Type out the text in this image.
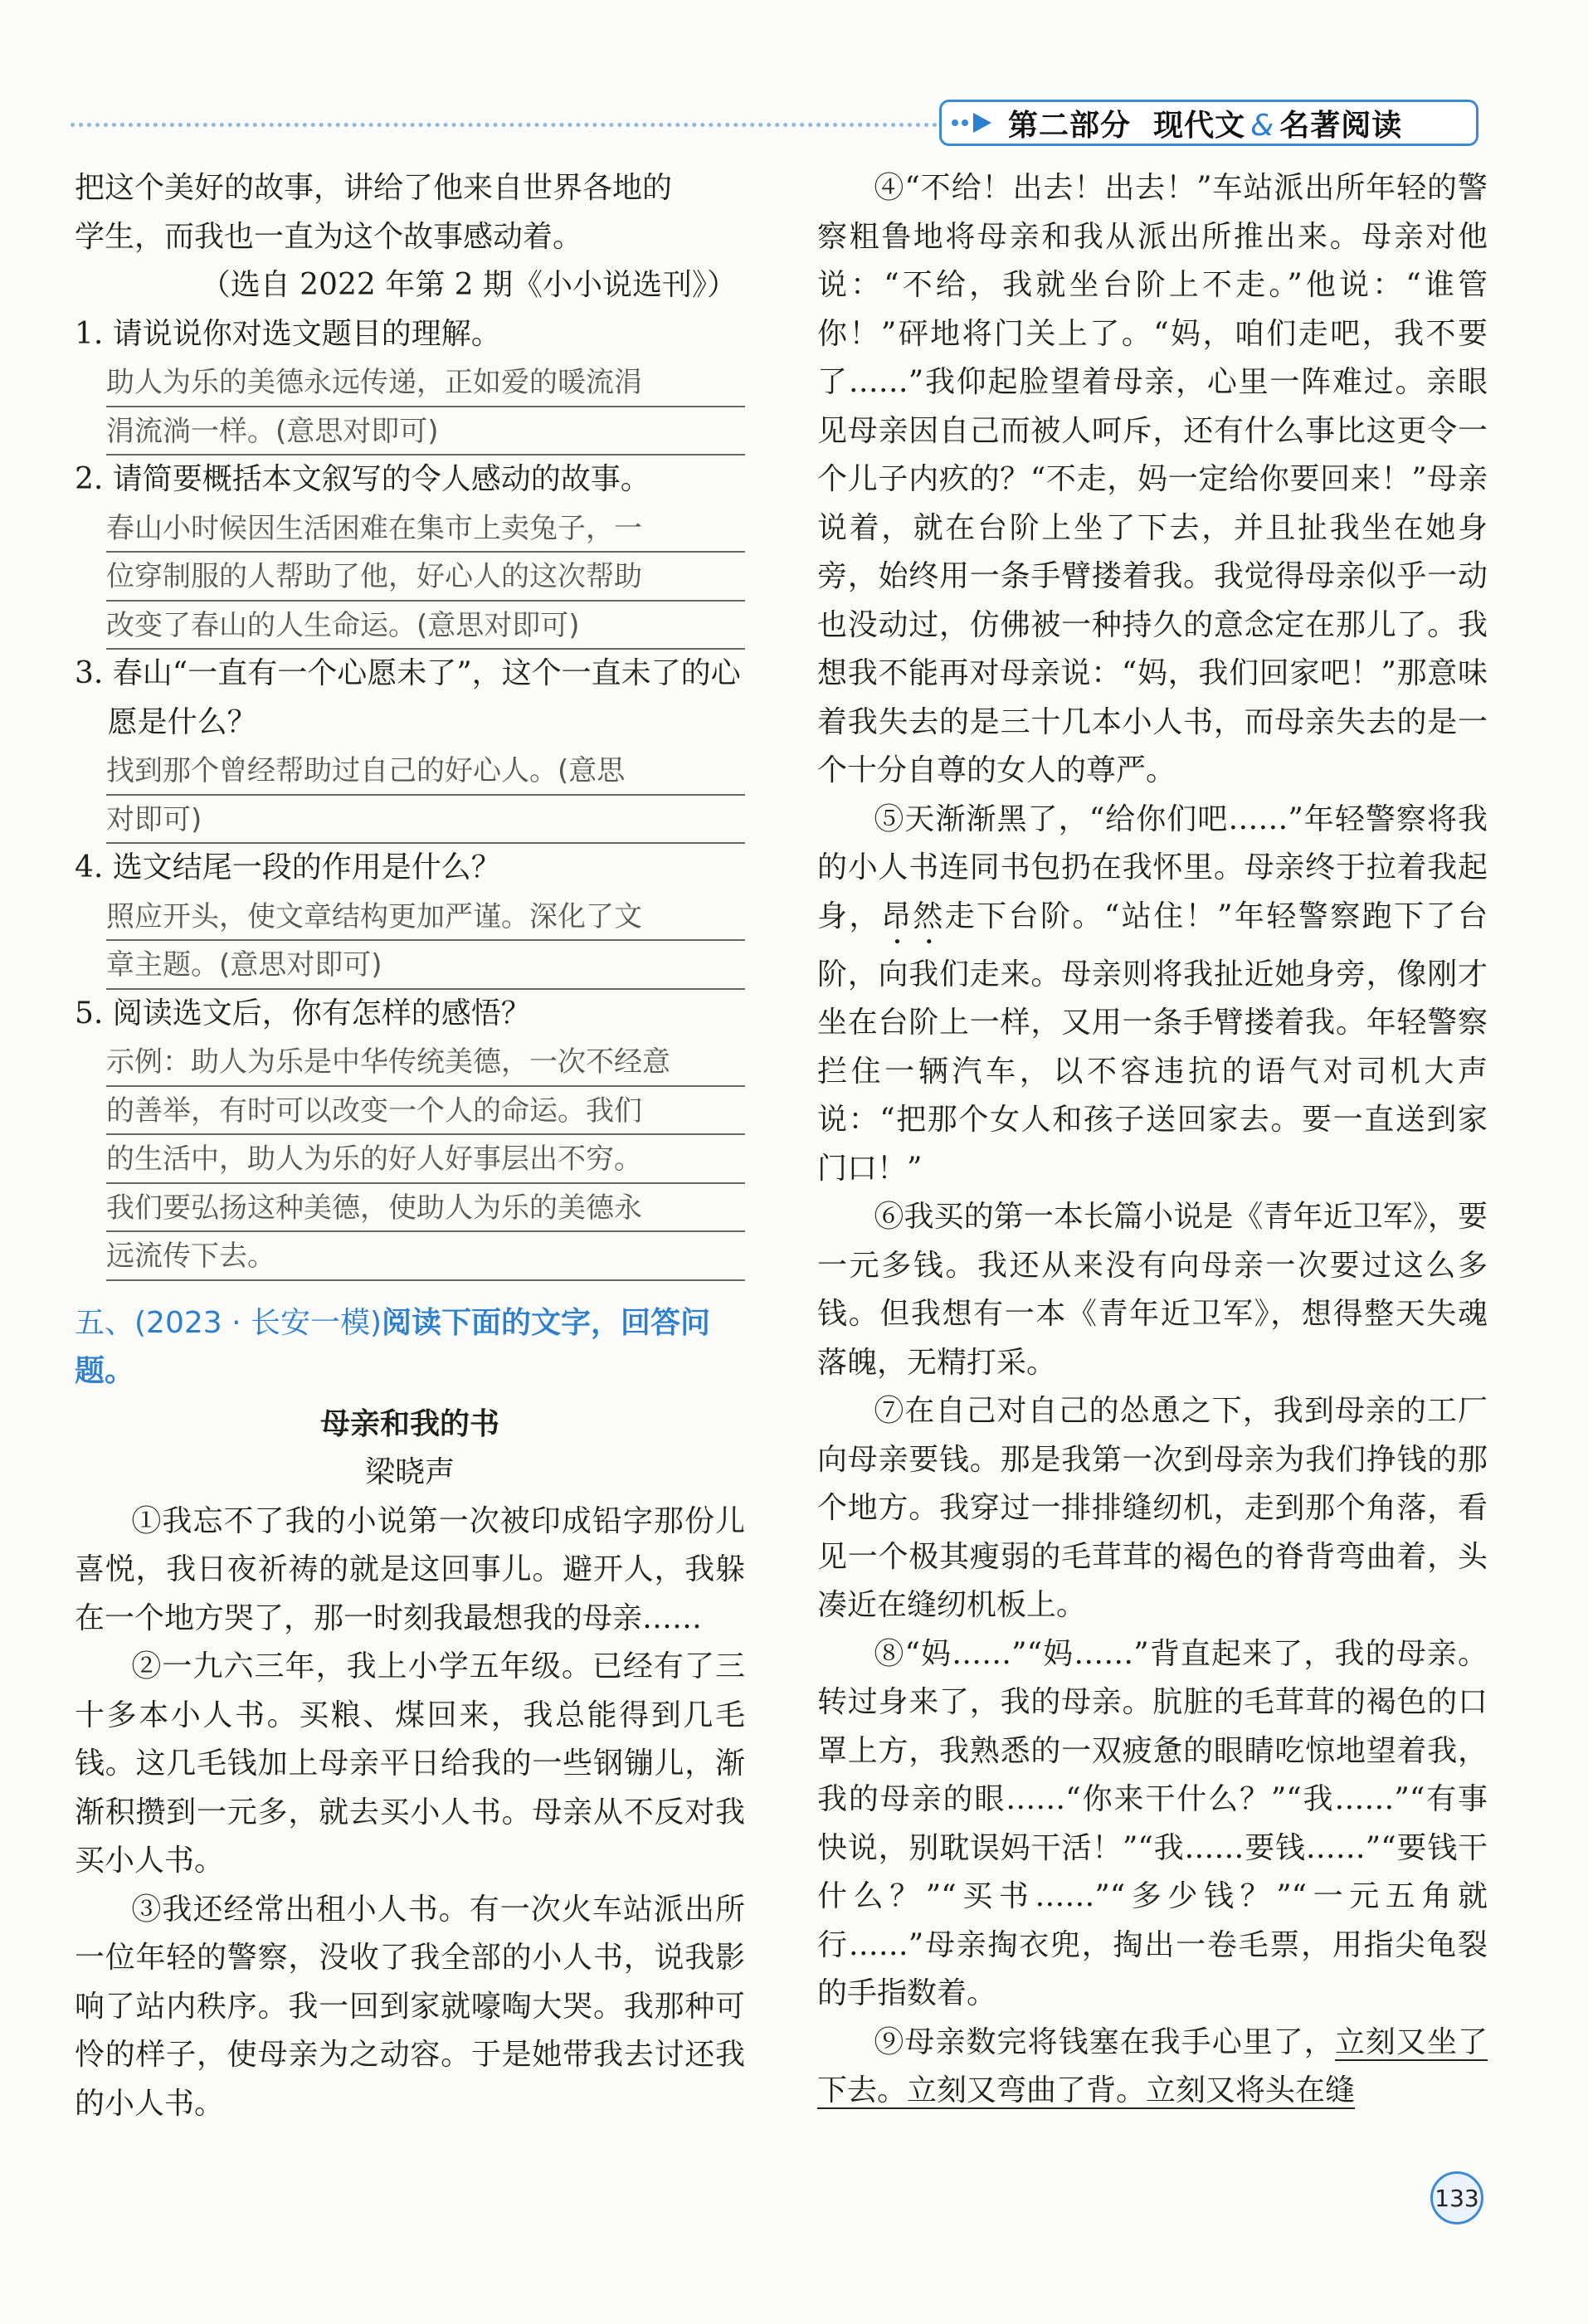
第二部分 现代文 & 名著阅读

把这个美好的故事，讲给了他来自世界各地的

学生，而我也一直为这个故事感动着。

（选自 2022 年第 2 期《小小说选刊》）

1. 请说说你对选文题目的理解。

助人为乐的美德永远传递，正如爱的暖流涓
涓流淌一样。(意思对即可)

2. 请简要概括本文叙写的令人感动的故事。

春山小时候因生活困难在集市上卖兔子，一
位穿制服的人帮助了他，好心人的这次帮助
改变了春山的人生命运。(意思对即可)

3. 春山“一直有一个心愿未了”，这个一直未了的心愿是什么？

找到那个曾经帮助过自己的好心人。(意思
对即可)

4. 选文结尾一段的作用是什么？

照应开头，使文章结构更加严谨。深化了文
章主题。(意思对即可)

5. 阅读选文后，你有怎样的感悟？

示例：助人为乐是中华传统美德，一次不经意
的善举，有时可以改变一个人的命运。我们
的生活中，助人为乐的好人好事层出不穷。
我们要弘扬这种美德，使助人为乐的美德永
远流传下去。

五、(2023 · 长安一模)阅读下面的文字，回答问题。

母亲和我的书

梁晓声

①我忘不了我的小说第一次被印成铅字那份儿喜悦，我日夜祈祷的就是这回事儿。避开人，我躲在一个地方哭了，那一时刻我最想我的母亲……

②一九六三年，我上小学五年级。已经有了三十多本小人书。买粮、煤回来，我总能得到几毛钱。这几毛钱加上母亲平日给我的一些钢镚儿，渐渐积攒到一元多，就去买小人书。母亲从不反对我买小人书。

③我还经常出租小人书。有一次火车站派出所一位年轻的警察，没收了我全部的小人书，说我影响了站内秩序。我一回到家就嚎啕大哭。我那种可怜的样子，使母亲为之动容。于是她带我去讨还我的小人书。

④“不给！出去！出去！”车站派出所年轻的警察粗鲁地将母亲和我从派出所推出来。母亲对他说：“不给，我就坐台阶上不走。”他说：“谁管你！”砰地将门关上了。“妈，咱们走吧，我不要了……”我仰起脸望着母亲，心里一阵难过。亲眼见母亲因自己而被人呵斥，还有什么事比这更令一个儿子内疚的？“不走，妈一定给你要回来！”母亲说着，就在台阶上坐了下去，并且扯我坐在她身旁，始终用一条手臂搂着我。我觉得母亲似乎一动也没动过，仿佛被一种持久的意念定在那儿了。我想我不能再对母亲说：“妈，我们回家吧！”那意味着我失去的是三十几本小人书，而母亲失去的是一个十分自尊的女人的尊严。

⑤天渐渐黑了，“给你们吧……”年轻警察将我的小人书连同书包扔在我怀里。母亲终于拉着我起身，昂然走下台阶。“站住！”年轻警察跑下了台阶，向我们走来。母亲则将我扯近她身旁，像刚才坐在台阶上一样，又用一条手臂搂着我。年轻警察拦住一辆汽车，以不容违抗的语气对司机大声说：“把那个女人和孩子送回家去。要一直送到家门口！”

⑥我买的第一本长篇小说是《青年近卫军》，要一元多钱。我还从来没有向母亲一次要过这么多钱。但我想有一本《青年近卫军》，想得整天失魂落魄，无精打采。

⑦在自己对自己的怂恿之下，我到母亲的工厂向母亲要钱。那是我第一次到母亲为我们挣钱的那个地方。我穿过一排排缝纫机，走到那个角落，看见一个极其瘦弱的毛茸茸的褐色的脊背弯曲着，头凑近在缝纫机板上。

⑧“妈……”“妈……”背直起来了，我的母亲。转过身来了，我的母亲。肮脏的毛茸茸的褐色的口罩上方，我熟悉的一双疲惫的眼睛吃惊地望着我，我的母亲的眼……“你来干什么？”“我……”“有事快说，别耽误妈干活！”“我……要钱……”“要钱干什么？”“买书……”“多少钱？”“一元五角就行……”母亲掏衣兜，掏出一卷毛票，用指尖龟裂的手指数着。

⑨母亲数完将钱塞在我手心里了，立刻又坐了下去。立刻又弯曲了背。立刻又将头在缝

133
